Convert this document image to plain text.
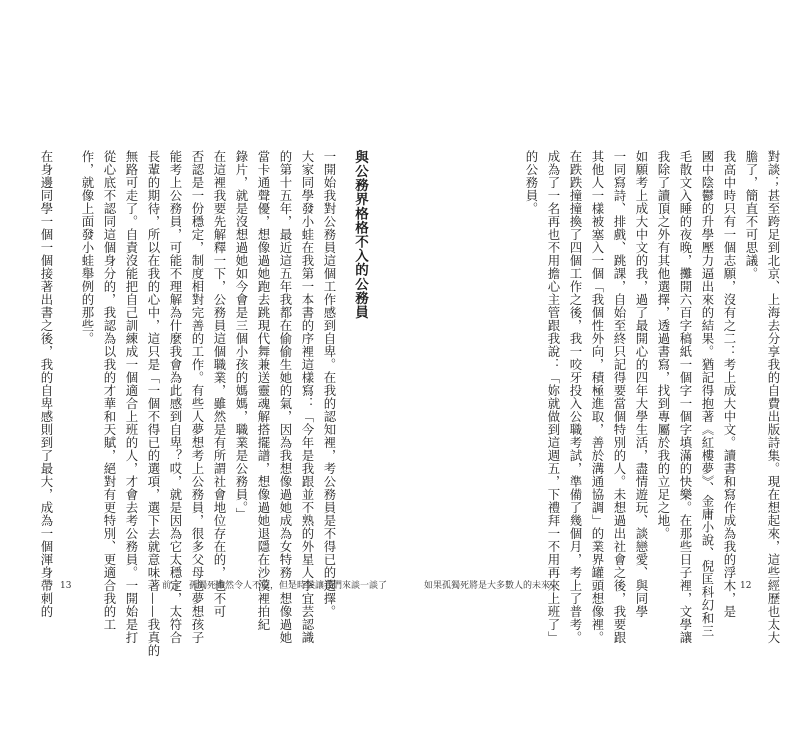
與公務界格格不入的公務員
一開始我對公務員這個工作感到自卑。在我的認知裡，考公務員是不得已的選擇。
大家同學發小蛙在我第一本書的序裡這樣寫：「今年是我跟並不熟的外星人李宜芸認識
的第十五年，最近這五年我都在偷偷生她的氣，因為我想像過她成為女特務，想像過她
當卡通聲優，想像過她跑去跳現代舞兼送靈魂解搭擺譜，想像過她退隱在沙漠裡拍紀
錄片，就是沒想過她如今會是三個小孩的媽媽，職業是公務員。」
在這裡我要先解釋一下，公務員這個職業，雖然是有所謂社會地位存在的，也不可
否認是一份穩定，制度相對完善的工作。有些人夢想考上公務員，很多父母也夢想孩子
能考上公務員，可能不理解為什麼我會為此感到自卑？哎，就是因為它太穩定，太符合
長輩的期待，所以在我的心中，這只是「一個不得已的選項，選下去就意味著——我真的
無路可走了。自責沒能把自己訓練成一個適合上班的人，才會去考公務員。一開始是打
從心底不認同這個身分的，我認為以我的才華和天賦，絕對有更特別、更適合我的工
作，就像上面發小蛙舉例的那些。
在身邊同學一個一個接著出書之後，我的自卑感則到了最大，成為一個渾身帶刺的 13	前言　孤獨死雖然令人不安，但是時候讓我們來談一談了	對談；甚至跨足到北京、上海去分享我的自費出版詩集。現在想起來，這些經歷也太大
膽了，簡直不可思議。
我高中時只有一個志願，沒有之二：考上成大中文。讀書和寫作成為我的浮木，是
國中陰鬱的升學壓力逼出來的結果。猶記得抱著《紅樓夢》、金庸小說、倪匡科幻和三
毛散文入睡的夜晚，攤開六百字稿紙一個字一個字填滿的快樂。在那些日子裡，文學讓
我除了讀頂之外有其他選擇，透過書寫，找到專屬於我的立足之地。
如願考上成大中文的我，過了最開心的四年大學生活，盡情遊玩、談戀愛、與同學
一同寫詩、排戲、跳課，自始至終只記得要當個特別的人。未想過出社會之後，我要跟
其他人一樣被塞入一個「我個性外向，積極進取，善於溝通協調」的業界罐頭想像裡。
在跌跌撞撞換了四個工作之後，我一咬牙投入公職考試，準備了幾個月，考上了普考。
成為了一名再也不用擔心主管跟我說：「妳就做到這週五，下禮拜一不用再來上班了」
的公務員。
如果孤獨死將是大多數人的未來	12
